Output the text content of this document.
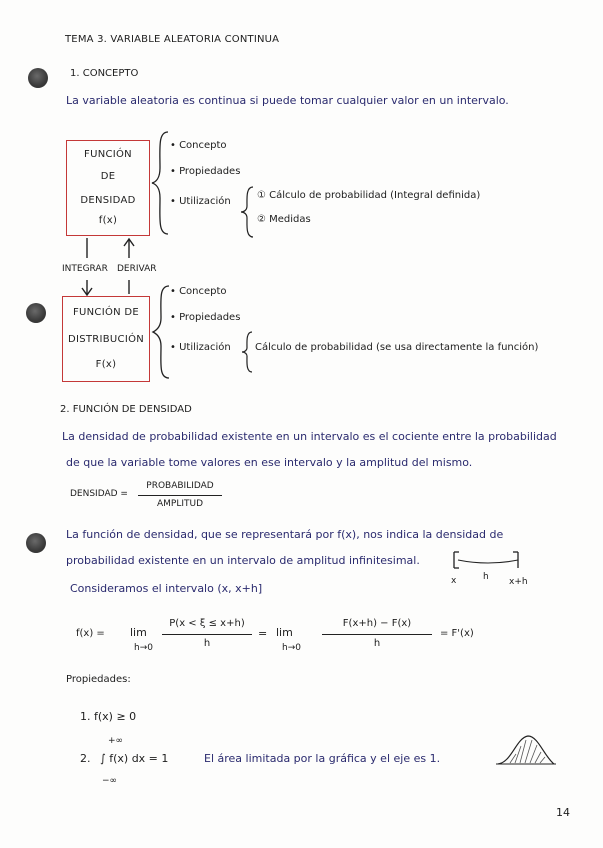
TEMA 3. VARIABLE ALEATORIA CONTINUA
1. CONCEPTO
La variable aleatoria es continua si puede tomar cualquier valor en un intervalo.
FUNCIÓN
DE
DENSIDAD
f(x)
• Concepto
• Propiedades
• Utilización
① Cálculo de probabilidad (Integral definida)
② Medidas
INTEGRAR DERIVAR
FUNCIÓN DE
DISTRIBUCIÓN
F(x)
• Concepto
• Propiedades
• Utilización Cálculo de probabilidad (se usa directamente la función)
2. FUNCIÓN DE DENSIDAD
La densidad de probabilidad existente en un intervalo es el cociente entre la probabilidad
de que la variable tome valores en ese intervalo y la amplitud del mismo.
DENSIDAD =
PROBABILIDAD
AMPLITUD
La función de densidad, que se representará por f(x), nos indica la densidad de
probabilidad existente en un intervalo de amplitud infinitesimal.
x	h x+h
Consideramos el intervalo (x, x+h]
f(x) = lim
h→0
P(x < ξ ≤ x+h)
h
= lim
h→0
F(x+h) − F(x)
h
= F'(x)
Propiedades:
1. f(x) ≥ 0
2.
+∞
−∞
∫ f(x) dx = 1	El área limitada por la gráfica y el eje es 1.
14
